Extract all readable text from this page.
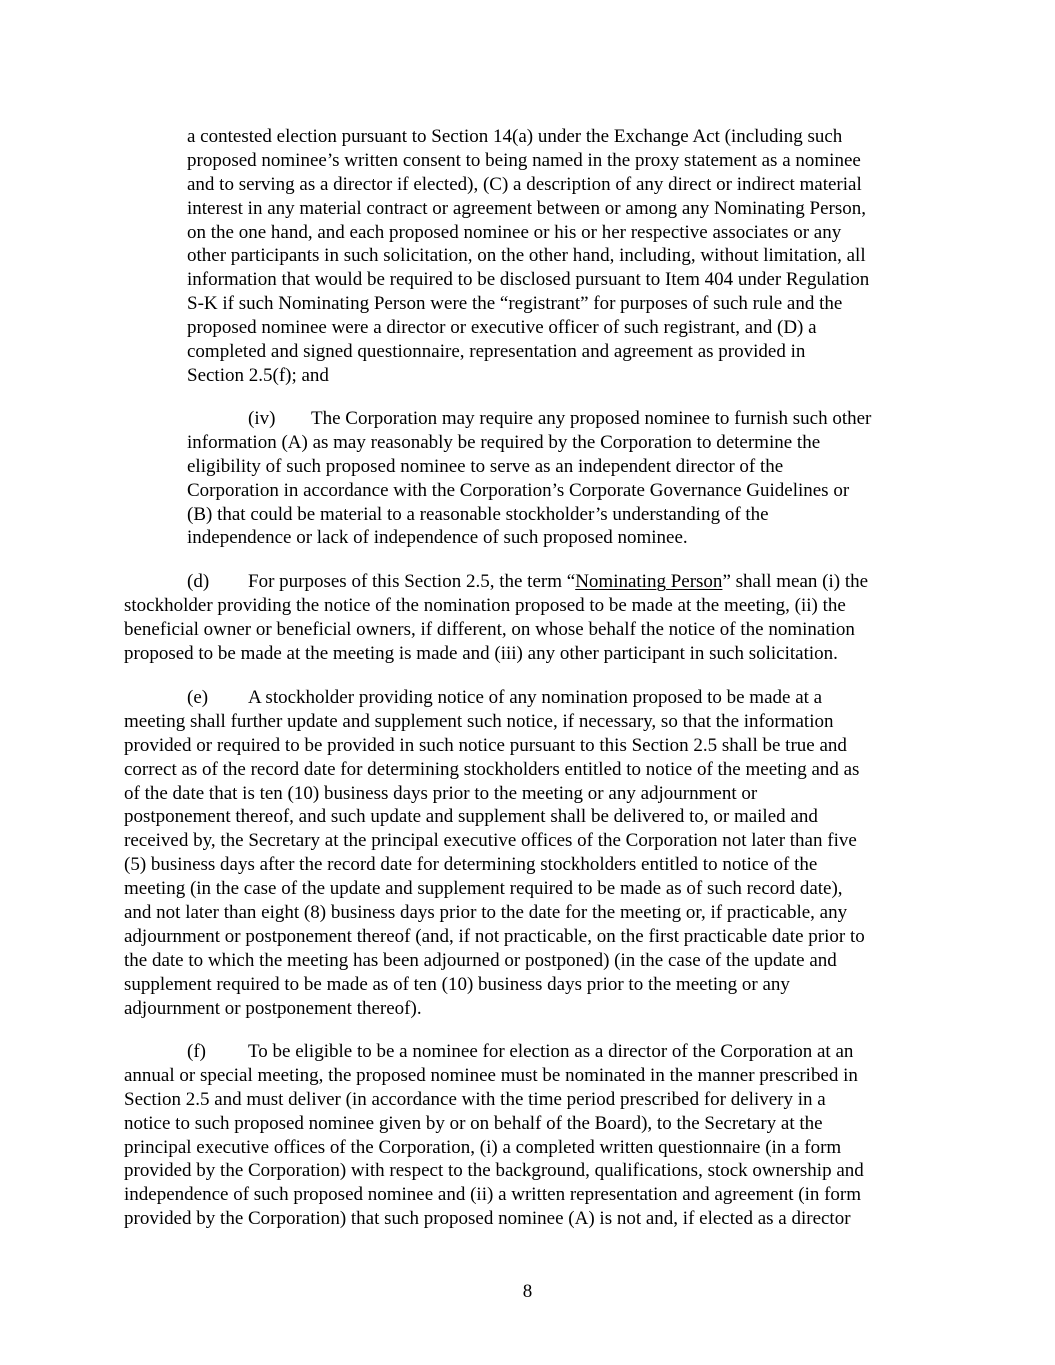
a contested election pursuant to Section 14(a) under the Exchange Act (including such
proposed nominee’s written consent to being named in the proxy statement as a nominee
and to serving as a director if elected), (C) a description of any direct or indirect material
interest in any material contract or agreement between or among any Nominating Person,
on the one hand, and each proposed nominee or his or her respective associates or any
other participants in such solicitation, on the other hand, including, without limitation, all
information that would be required to be disclosed pursuant to Item 404 under Regulation
S-K if such Nominating Person were the “registrant” for purposes of such rule and the
proposed nominee were a director or executive officer of such registrant, and (D) a
completed and signed questionnaire, representation and agreement as provided in
Section 2.5(f); and
(iv) The Corporation may require any proposed nominee to furnish such other
information (A) as may reasonably be required by the Corporation to determine the
eligibility of such proposed nominee to serve as an independent director of the
Corporation in accordance with the Corporation’s Corporate Governance Guidelines or
(B) that could be material to a reasonable stockholder’s understanding of the
independence or lack of independence of such proposed nominee.
(d) For purposes of this Section 2.5, the term “Nominating Person” shall mean (i) the
stockholder providing the notice of the nomination proposed to be made at the meeting, (ii) the
beneficial owner or beneficial owners, if different, on whose behalf the notice of the nomination
proposed to be made at the meeting is made and (iii) any other participant in such solicitation.
(e) A stockholder providing notice of any nomination proposed to be made at a
meeting shall further update and supplement such notice, if necessary, so that the information
provided or required to be provided in such notice pursuant to this Section 2.5 shall be true and
correct as of the record date for determining stockholders entitled to notice of the meeting and as
of the date that is ten (10) business days prior to the meeting or any adjournment or
postponement thereof, and such update and supplement shall be delivered to, or mailed and
received by, the Secretary at the principal executive offices of the Corporation not later than five
(5) business days after the record date for determining stockholders entitled to notice of the
meeting (in the case of the update and supplement required to be made as of such record date),
and not later than eight (8) business days prior to the date for the meeting or, if practicable, any
adjournment or postponement thereof (and, if not practicable, on the first practicable date prior to
the date to which the meeting has been adjourned or postponed) (in the case of the update and
supplement required to be made as of ten (10) business days prior to the meeting or any
adjournment or postponement thereof).
(f) To be eligible to be a nominee for election as a director of the Corporation at an
annual or special meeting, the proposed nominee must be nominated in the manner prescribed in
Section 2.5 and must deliver (in accordance with the time period prescribed for delivery in a
notice to such proposed nominee given by or on behalf of the Board), to the Secretary at the
principal executive offices of the Corporation, (i) a completed written questionnaire (in a form
provided by the Corporation) with respect to the background, qualifications, stock ownership and
independence of such proposed nominee and (ii) a written representation and agreement (in form
provided by the Corporation) that such proposed nominee (A) is not and, if elected as a director

8
